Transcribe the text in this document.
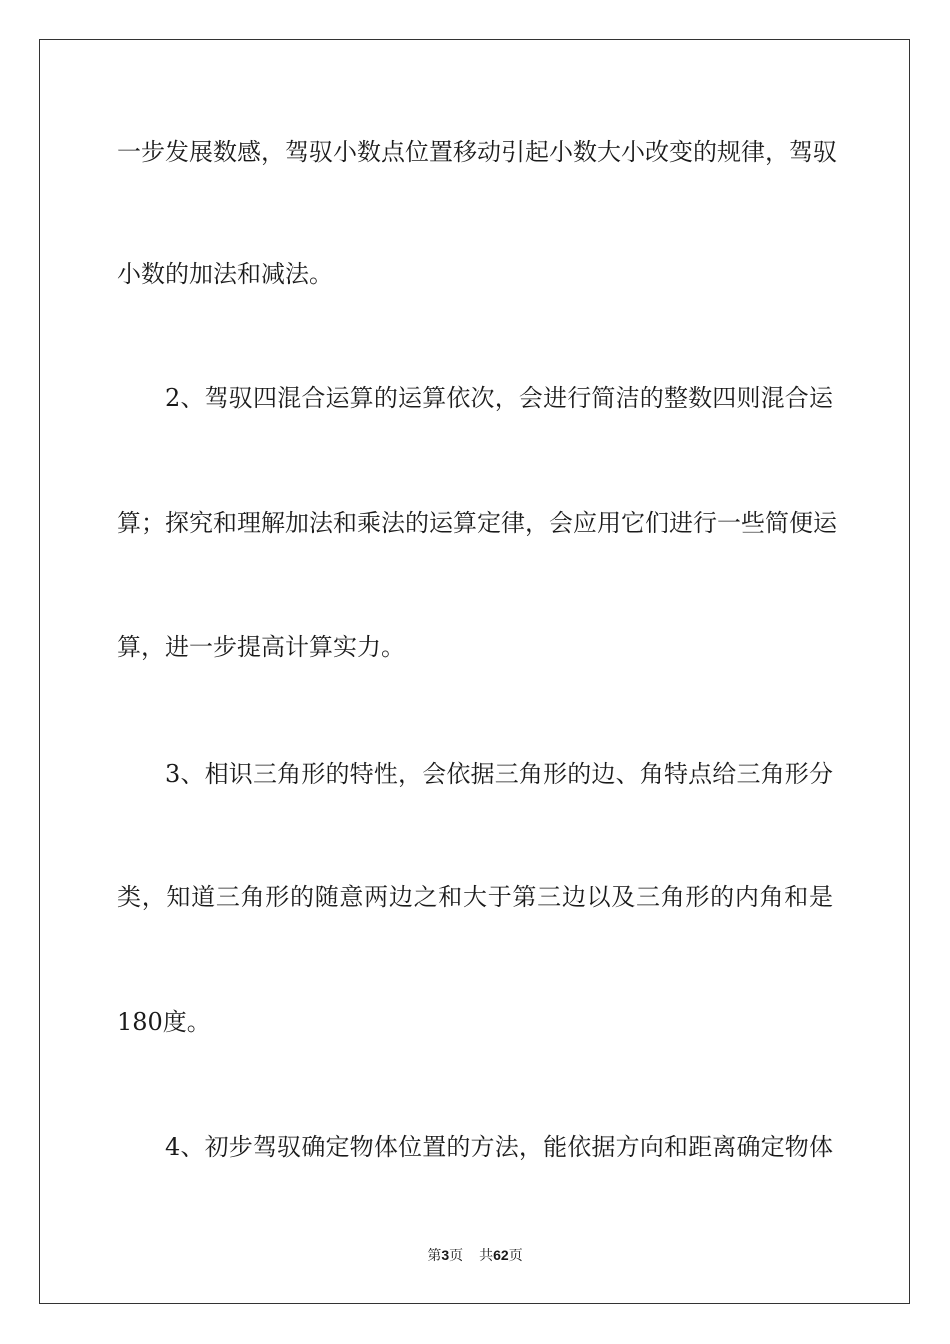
一步发展数感，驾驭小数点位置移动引起小数大小改变的规律，驾驭
小数的加法和减法。
2、驾驭四混合运算的运算依次，会进行简洁的整数四则混合运
算；探究和理解加法和乘法的运算定律，会应用它们进行一些简便运
算，进一步提高计算实力。
3、相识三角形的特性，会依据三角形的边、角特点给三角形分
类，知道三角形的随意两边之和大于第三边以及三角形的内角和是
180度。
4、初步驾驭确定物体位置的方法，能依据方向和距离确定物体
第3页 共62页
